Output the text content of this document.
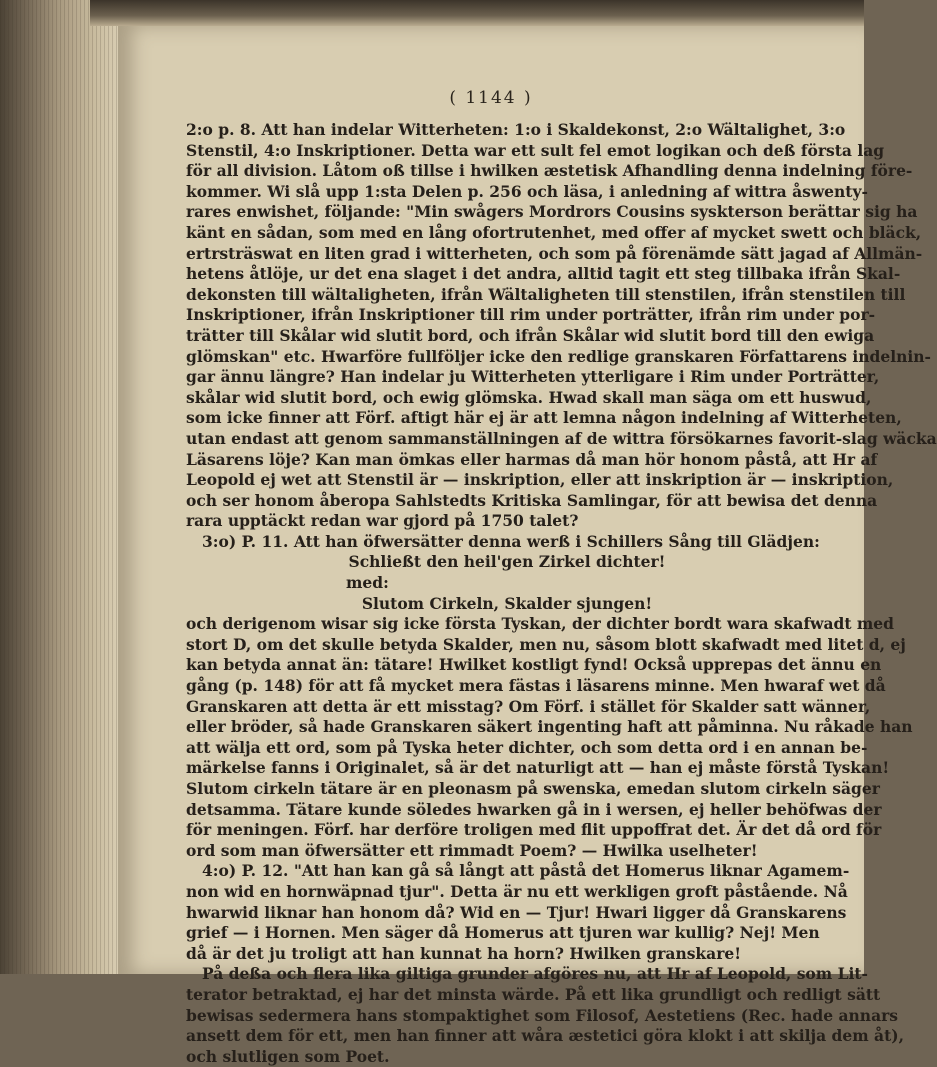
( 1144 )
2:o p. 8. Att han indelar Witterheten: 1:o i Skaldekonst, 2:o Wältalighet, 3:o
Stenstil, 4:o Inskriptioner. Detta war ett sult fel emot logikan och deß första lag
för all division. Låtom oß tillse i hwilken æstetisk Afhandling denna indelning före-
kommer. Wi slå upp 1:sta Delen p. 256 och läsa, i anledning af wittra åswenty-
rares enwishet, följande: "Min swågers Mordrors Cousins syskterson berättar sig ha
känt en sådan, som med en lång ofortrutenhet, med offer af mycket swett och bläck,
ertrsträswat en liten grad i witterheten, och som på förenämde sätt jagad af Allmän-
hetens åtlöje, ur det ena slaget i det andra, alltid tagit ett steg tillbaka ifrån Skal-
dekonsten till wältaligheten, ifrån Wältaligheten till stenstilen, ifrån stenstilen till
Inskriptioner, ifrån Inskriptioner till rim under porträtter, ifrån rim under por-
trätter till Skålar wid slutit bord, och ifrån Skålar wid slutit bord till den ewiga
glömskan" etc. Hwarföre fullföljer icke den redlige granskaren Författarens indelnin-
gar ännu längre? Han indelar ju Witterheten ytterligare i Rim under Porträtter,
skålar wid slutit bord, och ewig glömska. Hwad skall man säga om ett huswud,
som icke finner att Förf. aftigt här ej är att lemna någon indelning af Witterheten,
utan endast att genom sammanställningen af de wittra försökarnes favorit-slag wäcka
Läsarens löje? Kan man ömkas eller harmas då man hör honom påstå, att Hr af
Leopold ej wet att Stenstil är — inskription, eller att inskription är — inskription,
och ser honom åberopa Sahlstedts Kritiska Samlingar, för att bewisa det denna
rara upptäckt redan war gjord på 1750 talet?
3:o) P. 11. Att han öfwersätter denna werß i Schillers Sång till Glädjen:
Schließt den heil'gen Zirkel dichter!
med:
Slutom Cirkeln, Skalder sjungen!
och derigenom wisar sig icke första Tyskan, der dichter bordt wara skafwadt med
stort D, om det skulle betyda Skalder, men nu, såsom blott skafwadt med litet d, ej
kan betyda annat än: tätare! Hwilket kostligt fynd! Också upprepas det ännu en
gång (p. 148) för att få mycket mera fästas i läsarens minne. Men hwaraf wet då
Granskaren att detta är ett misstag? Om Förf. i stället för Skalder satt wänner,
eller bröder, så hade Granskaren säkert ingenting haft att påminna. Nu råkade han
att wälja ett ord, som på Tyska heter dichter, och som detta ord i en annan be-
märkelse fanns i Originalet, så är det naturligt att — han ej måste förstå Tyskan!
Slutom cirkeln tätare är en pleonasm på swenska, emedan slutom cirkeln säger
detsamma. Tätare kunde söledes hwarken gå in i wersen, ej heller behöfwas der
för meningen. Förf. har derföre troligen med flit uppoffrat det. Är det då ord för
ord som man öfwersätter ett rimmadt Poem? — Hwilka uselheter!
4:o) P. 12. "Att han kan gå så långt att påstå det Homerus liknar Agamem-
non wid en hornwäpnad tjur". Detta är nu ett werkligen groft påstående. Nå
hwarwid liknar han honom då? Wid en — Tjur! Hwari ligger då Granskarens
grief — i Hornen. Men säger då Homerus att tjuren war kullig? Nej! Men
då är det ju troligt att han kunnat ha horn? Hwilken granskare!
På deßa och flera lika giltiga grunder afgöres nu, att Hr af Leopold, som Lit-
terator betraktad, ej har det minsta wärde. På ett lika grundligt och redligt sätt
bewisas sedermera hans stompaktighet som Filosof, Aestetiens (Rec. hade annars
ansett dem för ett, men han finner att wåra æstetici göra klokt i att skilja dem åt),
och slutligen som Poet.
